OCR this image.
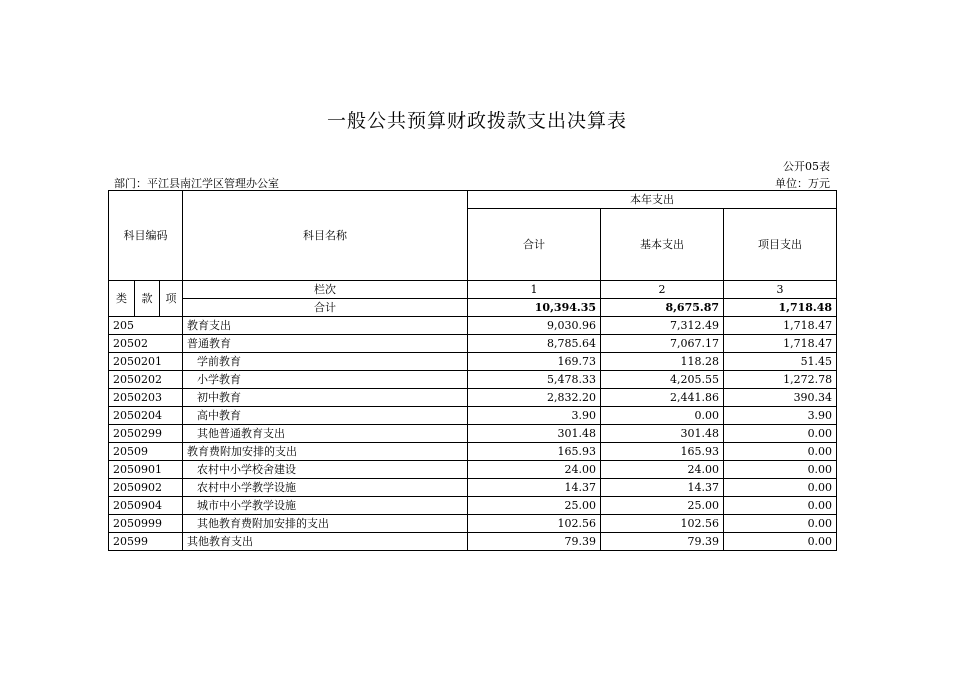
一般公共预算财政拨款支出决算表
公开05表
部门：平江县南江学区管理办公室	单位：万元
科目编码			科目名称	本年支出		
				合计	基本支出	项目支出

类	款	项	栏次	1	2	3
			合计	10,394.35	8,675.87	1,718.48
205			教育支出	9,030.96	7,312.49	1,718.47
20502			普通教育	8,785.64	7,067.17	1,718.47
2050201			学前教育	169.73	118.28	51.45
2050202			小学教育	5,478.33	4,205.55	1,272.78
2050203			初中教育	2,832.20	2,441.86	390.34
2050204			高中教育	3.90	0.00	3.90
2050299			其他普通教育支出	301.48	301.48	0.00
20509			教育费附加安排的支出	165.93	165.93	0.00
2050901			农村中小学校舍建设	24.00	24.00	0.00
2050902			农村中小学教学设施	14.37	14.37	0.00
2050904			城市中小学教学设施	25.00	25.00	0.00
2050999			其他教育费附加安排的支出	102.56	102.56	0.00
20599			其他教育支出	79.39	79.39	0.00
